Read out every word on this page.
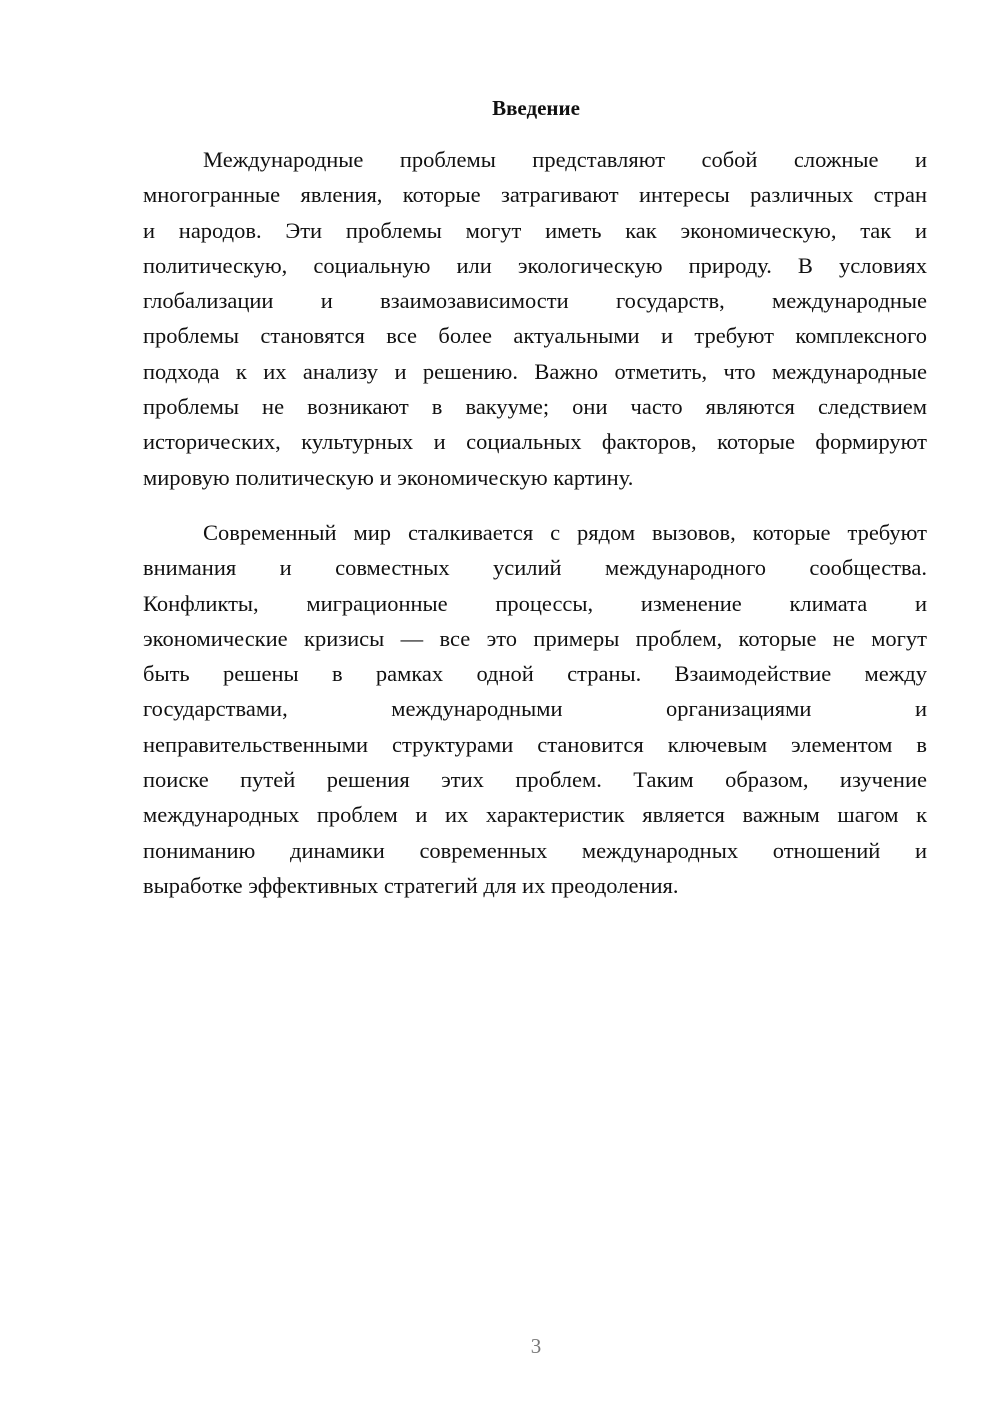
Введение
Международные проблемы представляют собой сложные и
многогранные явления, которые затрагивают интересы различных стран
и народов. Эти проблемы могут иметь как экономическую, так и
политическую, социальную или экологическую природу. В условиях
глобализации и взаимозависимости государств, международные
проблемы становятся все более актуальными и требуют комплексного
подхода к их анализу и решению. Важно отметить, что международные
проблемы не возникают в вакууме; они часто являются следствием
исторических, культурных и социальных факторов, которые формируют
мировую политическую и экономическую картину.
Современный мир сталкивается с рядом вызовов, которые требуют
внимания и совместных усилий международного сообщества.
Конфликты, миграционные процессы, изменение климата и
экономические кризисы — все это примеры проблем, которые не могут
быть решены в рамках одной страны. Взаимодействие между
государствами, международными организациями и
неправительственными структурами становится ключевым элементом в
поиске путей решения этих проблем. Таким образом, изучение
международных проблем и их характеристик является важным шагом к
пониманию динамики современных международных отношений и
выработке эффективных стратегий для их преодоления.
3
